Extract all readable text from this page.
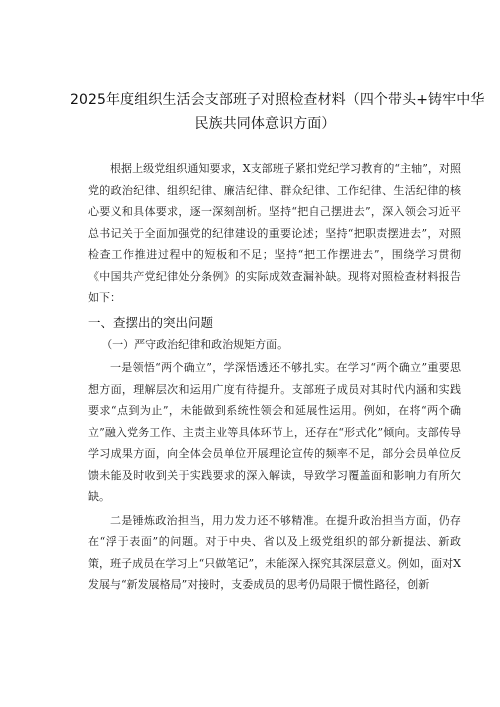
2025年度组织生活会支部班子对照检查材料（四个带头+铸牢中华
民族共同体意识方面）

根据上级党组织通知要求，X支部班子紧扣党纪学习教育的“主轴”，对照党的政治纪律、组织纪律、廉洁纪律、群众纪律、工作纪律、生活纪律的核心要义和具体要求，逐一深刻剖析。坚持“把自己摆进去”，深入领会习近平总书记关于全面加强党的纪律建设的重要论述；坚持“把职责摆进去”，对照检查工作推进过程中的短板和不足；坚持“把工作摆进去”，围绕学习贯彻《中国共产党纪律处分条例》的实际成效查漏补缺。现将对照检查材料报告如下：

一、查摆出的突出问题

（一）严守政治纪律和政治规矩方面。

一是领悟“两个确立”，学深悟透还不够扎实。在学习“两个确立”重要思想方面，理解层次和运用广度有待提升。支部班子成员对其时代内涵和实践要求“点到为止”，未能做到系统性领会和延展性运用。例如，在将“两个确立”融入党务工作、主责主业等具体环节上，还存在“形式化”倾向。支部传导学习成果方面，向全体会员单位开展理论宣传的频率不足，部分会员单位反馈未能及时收到关于实践要求的深入解读，导致学习覆盖面和影响力有所欠缺。

二是锤炼政治担当，用力发力还不够精准。在提升政治担当方面，仍存在“浮于表面”的问题。对于中央、省以及上级党组织的部分新提法、新政策，班子成员在学习上“只做笔记”，未能深入探究其深层意义。例如，面对X发展与“新发展格局”对接时，支委成员的思考仍局限于惯性路径，创新
